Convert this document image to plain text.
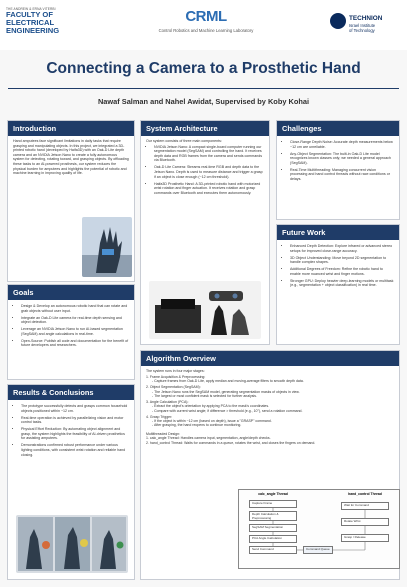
THE ANDREW & ERNA VITERBI
FACULTY OF
ELECTRICAL
ENGINEERING
CRML
Control Robotics and Machine Learning Laboratory
TECHNION
Israel Institute
of Technology
Connecting a Camera to a Prosthetic Hand
Nawaf Salman and Nahel Awidat, Supervised by Koby Kohai
Introduction
Hand amputees face significant limitations in daily tasks that require grasping and manipulating objects. In this project, we integrated a 3D-printed robotic hand (developed by Haifa3D) with an Oak-D Lite depth camera and an NVIDIA Jetson Nano to create a fully autonomous system for detecting, rotating toward, and grasping objects. By offloading these tasks to an AI-powered prosthesis, our system reduces the physical burden for amputees and highlights the potential of robotic and machine learning in improving quality of life.
Goals
• Design & Develop an autonomous robotic hand that can rotate and grab objects without user input.
• Integrate an Oak-D Lite camera for real-time depth sensing and object detection.
• Leverage an NVIDIA Jetson Nano to run AI-based segmentation (SegSAM) and angle calculations in real-time.
• Open-Source: Publish all code and documentation for the benefit of future developers and researchers.
Results & Conclusions
• The prototype successfully detects and grasps common household objects positioned within ~12 cm.
• Real-time operation is achieved by parallelizing vision and motor control tasks.
• Physical Effort Reduction: By automating object alignment and grasp, the system highlights the feasibility of AI-driven prosthetics for assisting amputees.
• Demonstrations confirmed robust performance under various lighting conditions, with consistent wrist rotation and reliable hand closing.
System Architecture
Our system consists of three main components:
• NVIDIA Jetson Nano: A compact single-board computer running our segmentation model (SegSAM) and controlling the hand. It receives depth data and RGB frames from the camera and sends commands via Bluetooth.
• Oak-D Lite Camera: Streams real-time RGB and depth data to the Jetson Nano. Depth is used to measure distance and trigger a grasp if an object is close enough (~12 cm threshold).
• Haifa3D Prosthetic Hand: A 3D-printed robotic hand with motorized wrist rotation and finger actuation. It receives rotation and grasp commands over Bluetooth and executes them autonomously.
Challenges
• Close-Range Depth Noise: Accurate depth measurements below ~12 cm are unreliable.
• Any-Object Segmentation: The built-in Oak-D Lite model recognizes known classes only; we needed a general approach (SegSAM).
• Real-Time Multithreading: Managing concurrent vision processing and hand control threads without race conditions or delays.
Future Work
• Enhanced Depth Detection: Explore infrared or advanced stereo setups for improved close-range accuracy.
• 3D Object Understanding: Move beyond 2D segmentation to handle complex shapes.
• Additional Degrees of Freedom: Refine the robotic hand to enable more nuanced wrist and finger motions.
• Stronger GPU: Deploy heavier deep-learning models or multitask (e.g., segmentation + object classification) in real time.
Algorithm Overview
The system runs in four major stages:
1. Frame Acquisition & Preprocessing:
- Capture frames from Oak-D Lite, apply median and moving-average filters to smooth depth data.
2. Object Segmentation (SegSAM):
- The Jetson Nano runs the SegSAM model, generating segmentation masks of objects in view.
- The largest or most confident mask is selected for further analysis.
3. Angle Calculation (PCA):
- Extract the object's orientation by applying PCA to the mask's coordinates.
- Compare with current wrist angle; if difference > threshold (e.g., 10°), send a rotation command.
4. Grasp Trigger:
- If the object is within ~12 cm (based on depth), issue a "GRASP" command.
- After grasping, the hand reopens to continue monitoring.
Multithreaded Design:
1. calc_angle Thread: Handles camera input, segmentation, angle/depth checks.
2. hand_control Thread: Waits for commands in a queue, rotates the wrist, and closes the fingers on demand.
calc_angle Thread	hand_control Thread
Capture Frame
Depth Calculation & Preprocessing
SegSAM Segmentation
PCA Angle Calculation
Send Command	Command Queue
Wait for Command
Rotate Wrist
Grasp / Release
